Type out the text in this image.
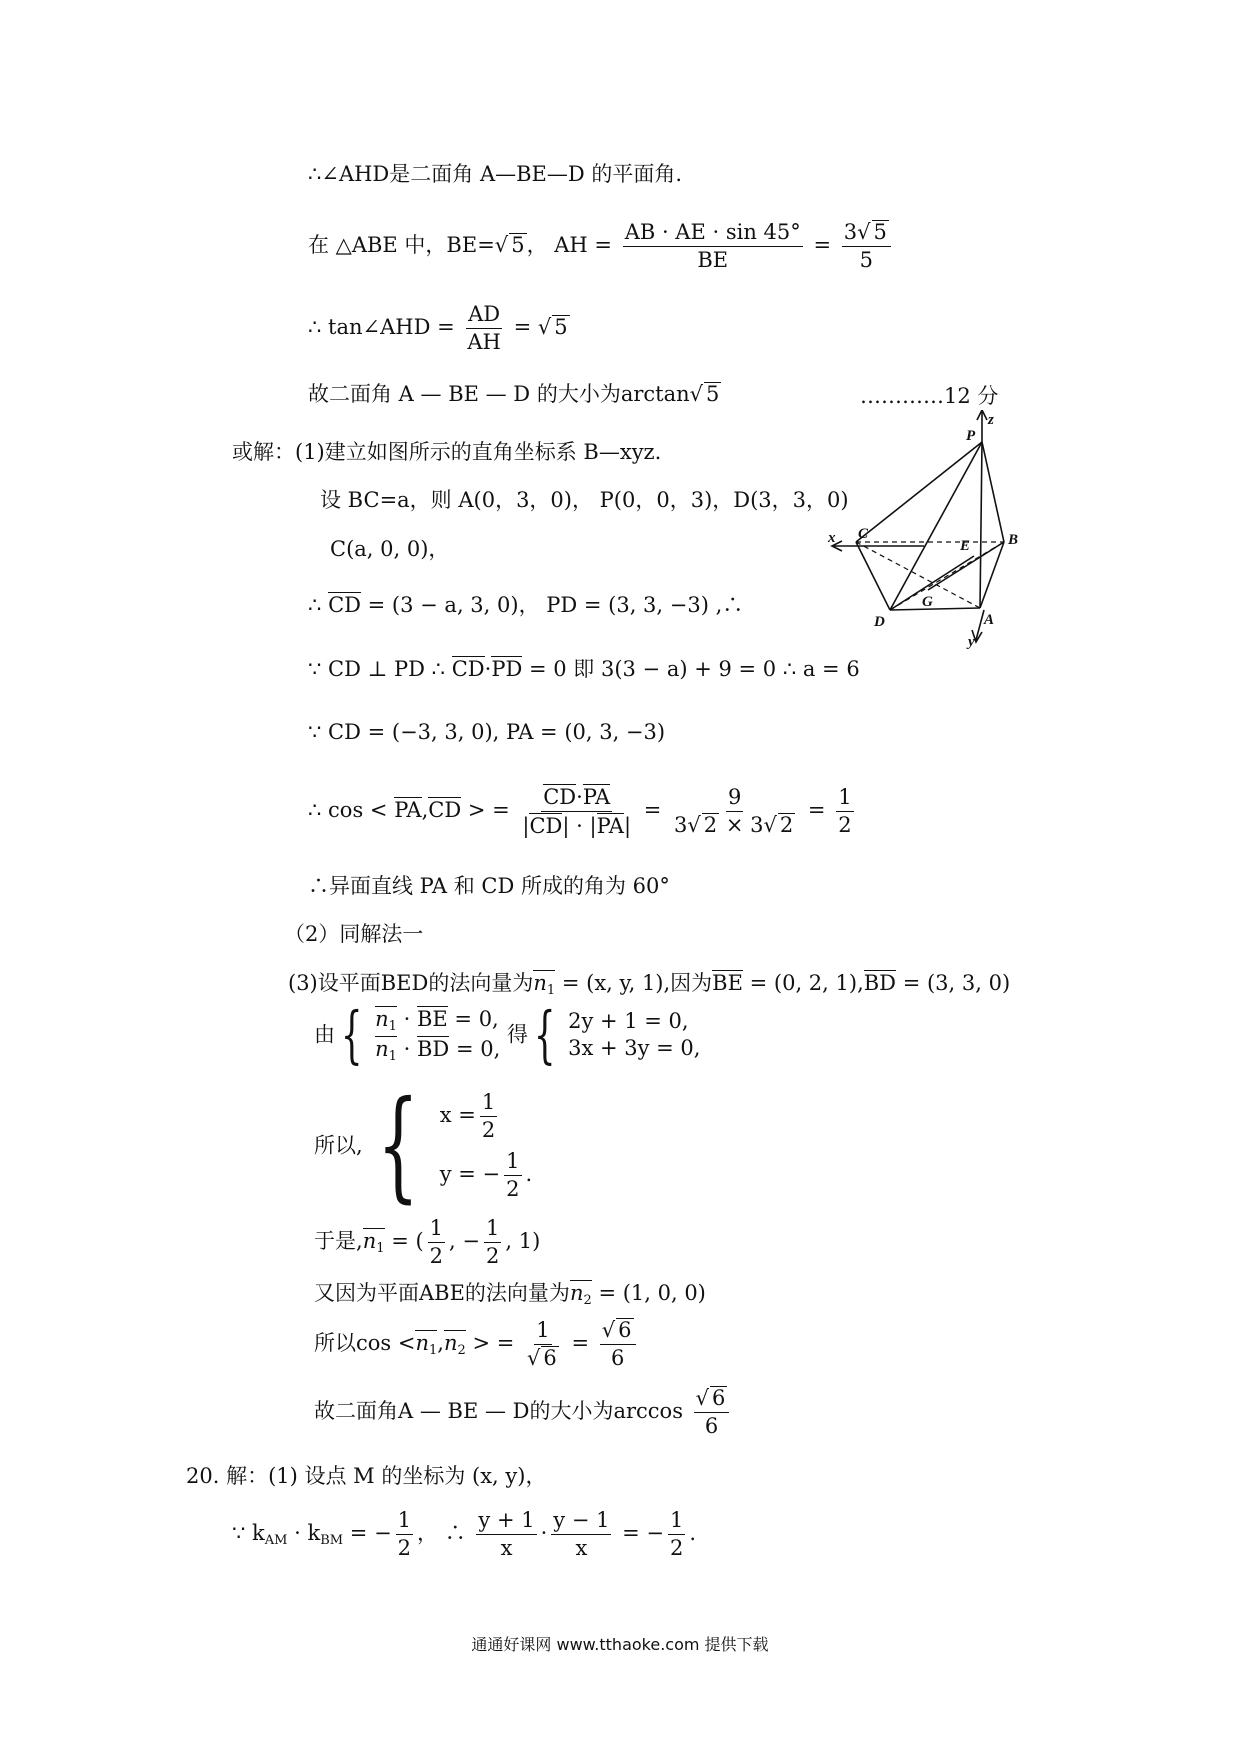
∴∠AHD是二面角 A—BE—D 的平面角.
在 △ABE 中，BE=√ 5， AH = $\frac{AB \cdot AE \cdot \sin 45^\circ}{BE} = \frac{3√ 5}{5}$
∴ tan∠AHD = $\frac{AD}{AH}$ = √ 5
故二面角 A — BE — D 的大小为arctan√ 5	…………12 分
或解：(1)建立如图所示的直角坐标系 B—xyz.
设 BC=a，则 A(0，3，0)， P(0，0，3)，D(3，3，0)
C(a, 0, 0)，
∴ CD = (3 − a, 3, 0)， PD = (3, 3, −3) ,∴
∵ CD ⊥ PD ∴ CD·PD = 0 即 3(3 − a) + 9 = 0 ∴ a = 6
∵ CD = (−3, 3, 0), PA = (0, 3, −3)
∴ cos < PA,CD > = $\frac{CD\cdot PA}{|CD| \cdot |PA|} = \frac{9}{3√ 2 \times 3√ 2} = \frac{1}{2}$
∴异面直线 PA 和 CD 所成的角为 60°
（2）同解法一
(3)设平面BED的法向量为$n_1 = (x$, y, 1),因为BE = (0, 2, 1),BD = (3, 3, 0)
由{ $n_1$ · BE = 0,
$n_1$ · BD = 0,
得{ 2y + 1 = 0,
3x + 3y = 0,
所以, { $x = \frac{1}{2}$
y = − $\frac{1}{2}$ .
于是$,n_1$ = ( $\frac{1}{2}$ , − $\frac{1}{2}$ , 1)
又因为平面ABE的法向量为$n_2 = (1$, 0, 0)
所以$\cos <n_1,n_2$ > = $\frac{1}{√ 6} = \frac{√ 6}{6}$
故二面角A — BE — D的大小为$\arccos \frac{√ 6}{6}$
20. 解：(1) 设点 M 的坐标为 (x, y)，
∵ $k_{AM} \cdot k_{BM}$ = − $\frac{1}{2}$ ， ∴ $\frac{y + 1}{x} \cdot \frac{y - 1}{x}$ = − $\frac{1}{2}$ .
P
z
C
x	E	B
G
D	A
y
通通好课网 www.tthaoke.com 提供下载
